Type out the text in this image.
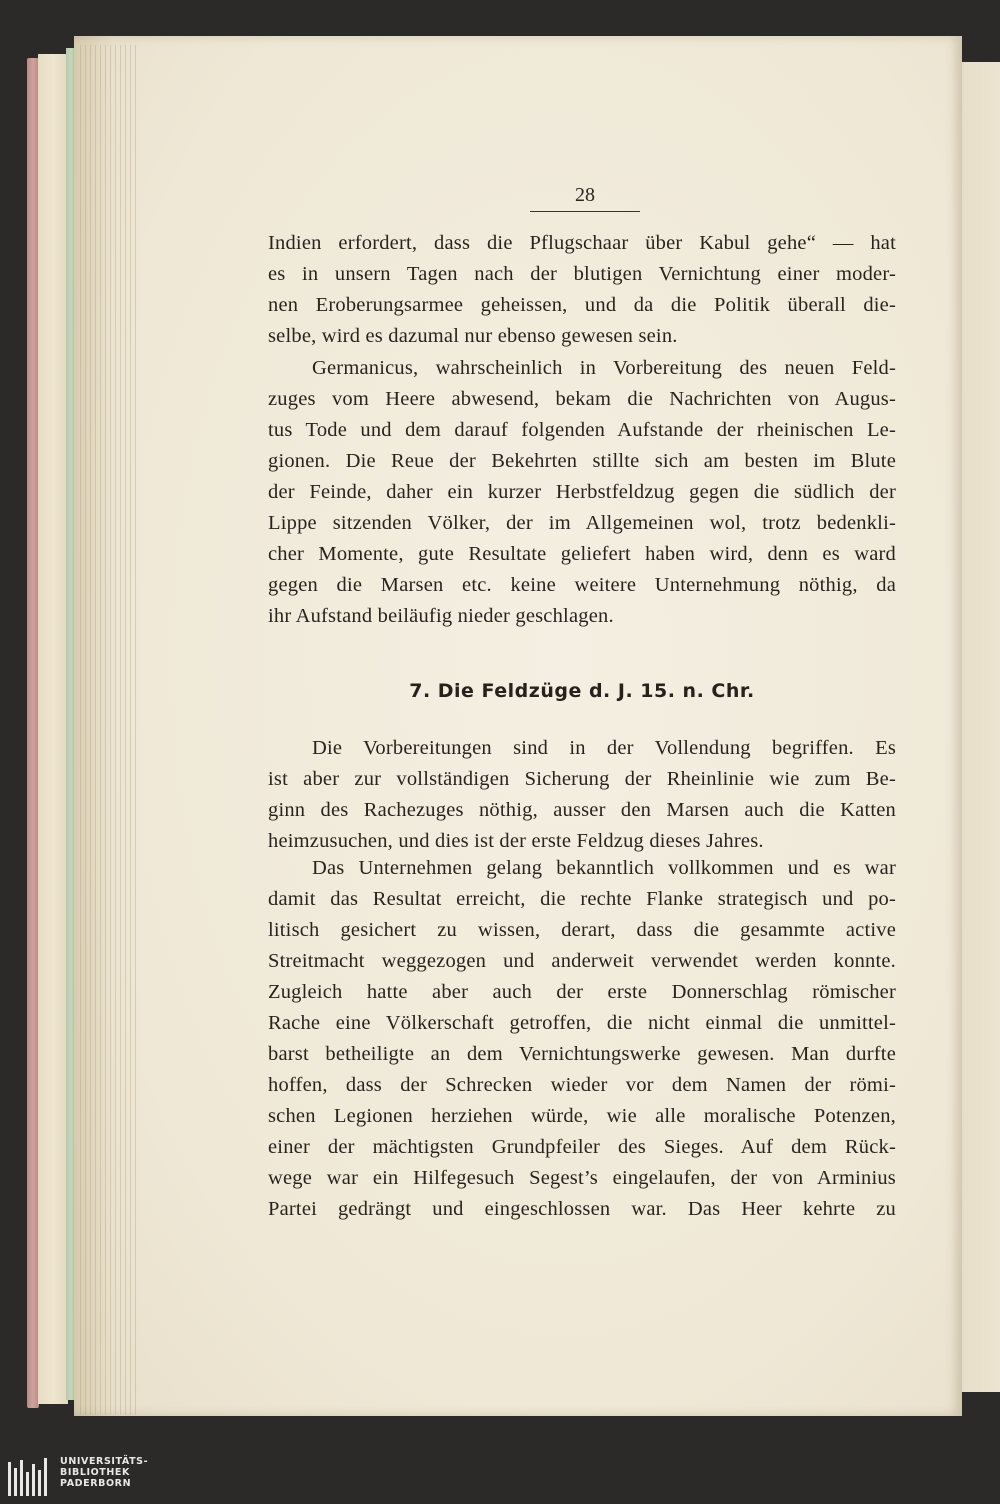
28
Indien erfordert, dass die Pflugschaar über Kabul gehe“ — hat
es in unsern Tagen nach der blutigen Vernichtung einer moder-
nen Eroberungsarmee geheissen, und da die Politik überall die-
selbe, wird es dazumal nur ebenso gewesen sein.
Germanicus, wahrscheinlich in Vorbereitung des neuen Feld-
zuges vom Heere abwesend, bekam die Nachrichten von Augus-
tus Tode und dem darauf folgenden Aufstande der rheinischen Le-
gionen. Die Reue der Bekehrten stillte sich am besten im Blute
der Feinde, daher ein kurzer Herbstfeldzug gegen die südlich der
Lippe sitzenden Völker, der im Allgemeinen wol, trotz bedenkli-
cher Momente, gute Resultate geliefert haben wird, denn es ward
gegen die Marsen etc. keine weitere Unternehmung nöthig, da
ihr Aufstand beiläufig nieder geschlagen.
7. Die Feldzüge d. J. 15. n. Chr.
Die Vorbereitungen sind in der Vollendung begriffen. Es
ist aber zur vollständigen Sicherung der Rheinlinie wie zum Be-
ginn des Rachezuges nöthig, ausser den Marsen auch die Katten
heimzusuchen, und dies ist der erste Feldzug dieses Jahres.
Das Unternehmen gelang bekanntlich vollkommen und es war
damit das Resultat erreicht, die rechte Flanke strategisch und po-
litisch gesichert zu wissen, derart, dass die gesammte active
Streitmacht weggezogen und anderweit verwendet werden konnte.
Zugleich hatte aber auch der erste Donnerschlag römischer
Rache eine Völkerschaft getroffen, die nicht einmal die unmittel-
barst betheiligte an dem Vernichtungswerke gewesen. Man durfte
hoffen, dass der Schrecken wieder vor dem Namen der römi-
schen Legionen herziehen würde, wie alle moralische Potenzen,
einer der mächtigsten Grundpfeiler des Sieges. Auf dem Rück-
wege war ein Hilfegesuch Segest’s eingelaufen, der von Arminius
Partei gedrängt und eingeschlossen war. Das Heer kehrte zu
UNIVERSITÄTS-
BIBLIOTHEK
PADERBORN
